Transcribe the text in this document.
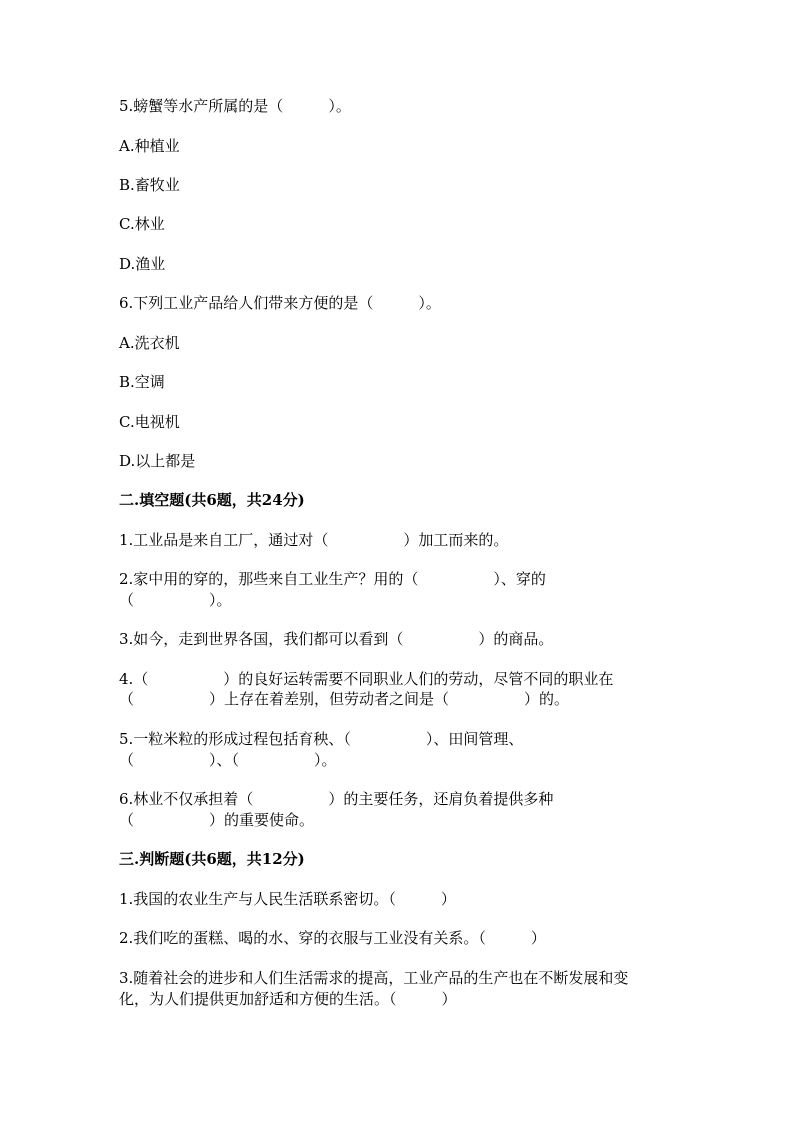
5.螃蟹等水产所属的是（　　　）。
A.种植业
B.畜牧业
C.林业
D.渔业
6.下列工业产品给人们带来方便的是（　　　）。
A.洗衣机
B.空调
C.电视机
D.以上都是
二.填空题(共6题，共24分)
1.工业品是来自工厂，通过对（　　　　　）加工而来的。
2.家中用的穿的，那些来自工业生产？用的（　　　　　）、穿的
（　　　　　）。
3.如今，走到世界各国，我们都可以看到（　　　　　）的商品。
4.（　　　　　）的良好运转需要不同职业人们的劳动，尽管不同的职业在
（　　　　　）上存在着差别，但劳动者之间是（　　　　　）的。
5.一粒米粒的形成过程包括育秧、（　　　　　）、田间管理、
（　　　　　）、（　　　　　）。
6.林业不仅承担着（　　　　　）的主要任务，还肩负着提供多种
（　　　　　）的重要使命。
三.判断题(共6题，共12分)
1.我国的农业生产与人民生活联系密切。（　　　）
2.我们吃的蛋糕、喝的水、穿的衣服与工业没有关系。（　　　）
3.随着社会的进步和人们生活需求的提高，工业产品的生产也在不断发展和变
化，为人们提供更加舒适和方便的生活。（　　　）
